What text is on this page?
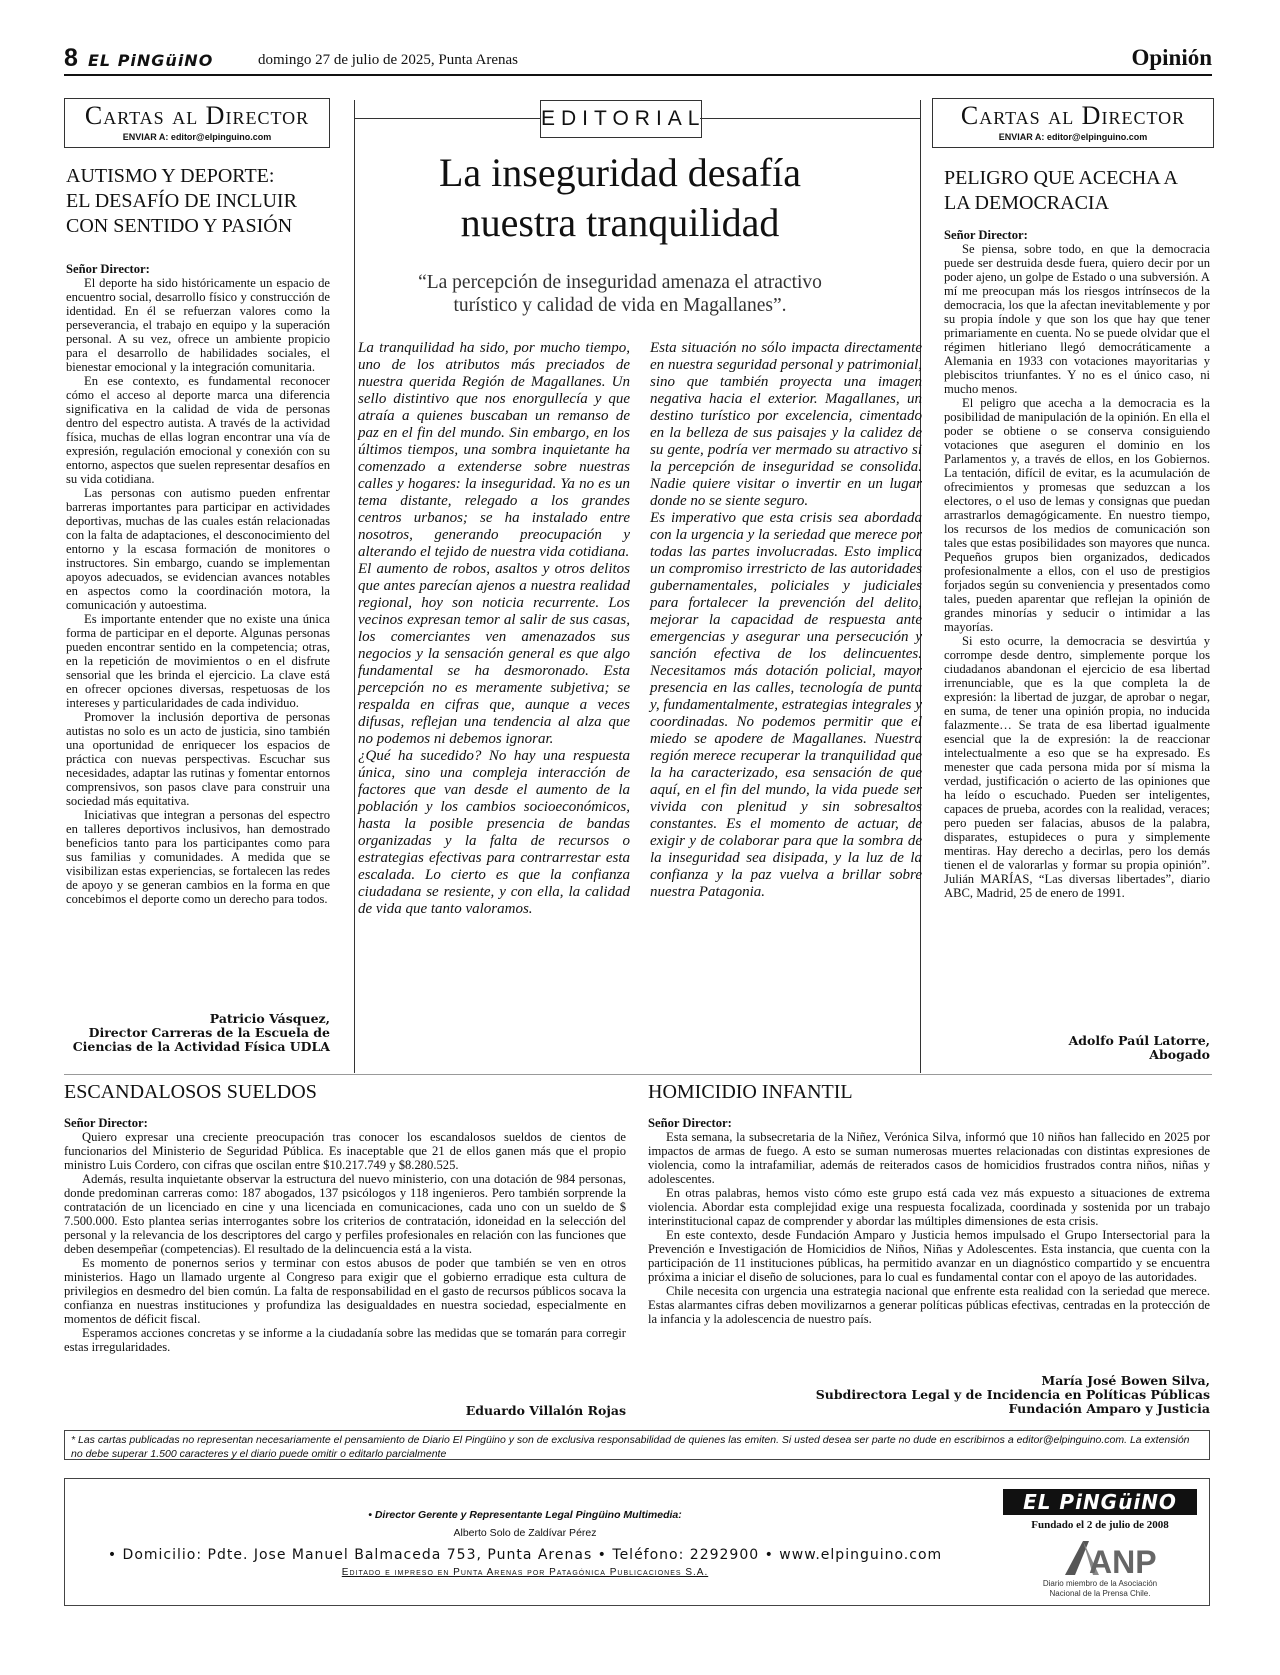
8 EL PiNGüiNO	domingo 27 de julio de 2025, Punta Arenas	Opinión
Cartas al Director
ENVIAR A: editor@elpinguino.com
AUTISMO Y DEPORTE:
EL DESAFÍO DE INCLUIR
CON SENTIDO Y PASIÓN

Señor Director:

El deporte ha sido históricamente un espacio de encuentro social, desarrollo físico y construcción de identidad. En él se refuerzan valores como la perseverancia, el trabajo en equipo y la superación personal. A su vez, ofrece un ambiente propicio para el desarrollo de habilidades sociales, el bienestar emocional y la integración comunitaria.

En ese contexto, es fundamental reconocer cómo el acceso al deporte marca una diferencia significativa en la calidad de vida de personas dentro del espectro autista. A través de la actividad física, muchas de ellas logran encontrar una vía de expresión, regulación emocional y conexión con su entorno, aspectos que suelen representar desafíos en su vida cotidiana.

Las personas con autismo pueden enfrentar barreras importantes para participar en actividades deportivas, muchas de las cuales están relacionadas con la falta de adaptaciones, el desconocimiento del entorno y la escasa formación de monitores o instructores. Sin embargo, cuando se implementan apoyos adecuados, se evidencian avances notables en aspectos como la coordinación motora, la comunicación y autoestima.

Es importante entender que no existe una única forma de participar en el deporte. Algunas personas pueden encontrar sentido en la competencia; otras, en la repetición de movimientos o en el disfrute sensorial que les brinda el ejercicio. La clave está en ofrecer opciones diversas, respetuosas de los intereses y particularidades de cada individuo.

Promover la inclusión deportiva de personas autistas no solo es un acto de justicia, sino también una oportunidad de enriquecer los espacios de práctica con nuevas perspectivas. Escuchar sus necesidades, adaptar las rutinas y fomentar entornos comprensivos, son pasos clave para construir una sociedad más equitativa.

Iniciativas que integran a personas del espectro en talleres deportivos inclusivos, han demostrado beneficios tanto para los participantes como para sus familias y comunidades. A medida que se visibilizan estas experiencias, se fortalecen las redes de apoyo y se generan cambios en la forma en que concebimos el deporte como un derecho para todos.

Patricio Vásquez,
Director Carreras de la Escuela de
Ciencias de la Actividad Física UDLA
EDITORIAL
La inseguridad desafía
nuestra tranquilidad
“La percepción de inseguridad amenaza el atractivo
turístico y calidad de vida en Magallanes”.

La tranquilidad ha sido, por mucho tiempo, uno de los atributos más preciados de nuestra querida Región de Magallanes. Un sello distintivo que nos enorgullecía y que atraía a quienes buscaban un remanso de paz en el fin del mundo. Sin embargo, en los últimos tiempos, una sombra inquietante ha comenzado a extenderse sobre nuestras calles y hogares: la inseguridad. Ya no es un tema distante, relegado a los grandes centros urbanos; se ha instalado entre nosotros, generando preocupación y alterando el tejido de nuestra vida cotidiana.

El aumento de robos, asaltos y otros delitos que antes parecían ajenos a nuestra realidad regional, hoy son noticia recurrente. Los vecinos expresan temor al salir de sus casas, los comerciantes ven amenazados sus negocios y la sensación general es que algo fundamental se ha desmoronado. Esta percepción no es meramente subjetiva; se respalda en cifras que, aunque a veces difusas, reflejan una tendencia al alza que no podemos ni debemos ignorar.

¿Qué ha sucedido? No hay una respuesta única, sino una compleja interacción de factores que van desde el aumento de la población y los cambios socioeconómicos, hasta la posible presencia de bandas organizadas y la falta de recursos o estrategias efectivas para contrarrestar esta escalada. Lo cierto es que la confianza ciudadana se resiente, y con ella, la calidad de vida que tanto valoramos.

Esta situación no sólo impacta directamente en nuestra seguridad personal y patrimonial, sino que también proyecta una imagen negativa hacia el exterior. Magallanes, un destino turístico por excelencia, cimentado en la belleza de sus paisajes y la calidez de su gente, podría ver mermado su atractivo si la percepción de inseguridad se consolida. Nadie quiere visitar o invertir en un lugar donde no se siente seguro.

Es imperativo que esta crisis sea abordada con la urgencia y la seriedad que merece por todas las partes involucradas. Esto implica un compromiso irrestricto de las autoridades gubernamentales, policiales y judiciales para fortalecer la prevención del delito, mejorar la capacidad de respuesta ante emergencias y asegurar una persecución y sanción efectiva de los delincuentes. Necesitamos más dotación policial, mayor presencia en las calles, tecnología de punta y, fundamentalmente, estrategias integrales y coordinadas. No podemos permitir que el miedo se apodere de Magallanes. Nuestra región merece recuperar la tranquilidad que la ha caracterizado, esa sensación de que aquí, en el fin del mundo, la vida puede ser vivida con plenitud y sin sobresaltos constantes. Es el momento de actuar, de exigir y de colaborar para que la sombra de la inseguridad sea disipada, y la luz de la confianza y la paz vuelva a brillar sobre nuestra Patagonia.

Cartas al Director
ENVIAR A: editor@elpinguino.com
PELIGRO QUE ACECHA A
LA DEMOCRACIA

Señor Director:

Se piensa, sobre todo, en que la democracia puede ser destruida desde fuera, quiero decir por un poder ajeno, un golpe de Estado o una subversión. A mí me preocupan más los riesgos intrínsecos de la democracia, los que la afectan inevitablemente y por su propia índole y que son los que hay que tener primariamente en cuenta. No se puede olvidar que el régimen hitleriano llegó democráticamente a Alemania en 1933 con votaciones mayoritarias y plebiscitos triunfantes. Y no es el único caso, ni mucho menos.

El peligro que acecha a la democracia es la posibilidad de manipulación de la opinión. En ella el poder se obtiene o se conserva consiguiendo votaciones que aseguren el dominio en los Parlamentos y, a través de ellos, en los Gobiernos. La tentación, difícil de evitar, es la acumulación de ofrecimientos y promesas que seduzcan a los electores, o el uso de lemas y consignas que puedan arrastrarlos demagógicamente. En nuestro tiempo, los recursos de los medios de comunicación son tales que estas posibilidades son mayores que nunca. Pequeños grupos bien organizados, dedicados profesionalmente a ellos, con el uso de prestigios forjados según su conveniencia y presentados como tales, pueden aparentar que reflejan la opinión de grandes minorías y seducir o intimidar a las mayorías.

Si esto ocurre, la democracia se desvirtúa y corrompe desde dentro, simplemente porque los ciudadanos abandonan el ejercicio de esa libertad irrenunciable, que es la que completa la de expresión: la libertad de juzgar, de aprobar o negar, en suma, de tener una opinión propia, no inducida falazmente… Se trata de esa libertad igualmente esencial que la de expresión: la de reaccionar intelectualmente a eso que se ha expresado. Es menester que cada persona mida por sí misma la verdad, justificación o acierto de las opiniones que ha leído o escuchado. Pueden ser inteligentes, capaces de prueba, acordes con la realidad, veraces; pero pueden ser falacias, abusos de la palabra, disparates, estupideces o pura y simplemente mentiras. Hay derecho a decirlas, pero los demás tienen el de valorarlas y formar su propia opinión”. Julián MARÍAS, “Las diversas libertades”, diario ABC, Madrid, 25 de enero de 1991.

Adolfo Paúl Latorre,
Abogado
ESCANDALOSOS SUELDOS

Señor Director:

Quiero expresar una creciente preocupación tras conocer los escandalosos sueldos de cientos de funcionarios del Ministerio de Seguridad Pública. Es inaceptable que 21 de ellos ganen más que el propio ministro Luis Cordero, con cifras que oscilan entre $10.217.749 y $8.280.525.

Además, resulta inquietante observar la estructura del nuevo ministerio, con una dotación de 984 personas, donde predominan carreras como: 187 abogados, 137 psicólogos y 118 ingenieros. Pero también sorprende la contratación de un licenciado en cine y una licenciada en comunicaciones, cada uno con un sueldo de $ 7.500.000. Esto plantea serias interrogantes sobre los criterios de contratación, idoneidad en la selección del personal y la relevancia de los descriptores del cargo y perfiles profesionales en relación con las funciones que deben desempeñar (competencias). El resultado de la delincuencia está a la vista.

Es momento de ponernos serios y terminar con estos abusos de poder que también se ven en otros ministerios. Hago un llamado urgente al Congreso para exigir que el gobierno erradique esta cultura de privilegios en desmedro del bien común. La falta de responsabilidad en el gasto de recursos públicos socava la confianza en nuestras instituciones y profundiza las desigualdades en nuestra sociedad, especialmente en momentos de déficit fiscal.

Esperamos acciones concretas y se informe a la ciudadanía sobre las medidas que se tomarán para corregir estas irregularidades.

Eduardo Villalón Rojas
HOMICIDIO INFANTIL

Señor Director:

Esta semana, la subsecretaria de la Niñez, Verónica Silva, informó que 10 niños han fallecido en 2025 por impactos de armas de fuego. A esto se suman numerosas muertes relacionadas con distintas expresiones de violencia, como la intrafamiliar, además de reiterados casos de homicidios frustrados contra niños, niñas y adolescentes.

En otras palabras, hemos visto cómo este grupo está cada vez más expuesto a situaciones de extrema violencia. Abordar esta complejidad exige una respuesta focalizada, coordinada y sostenida por un trabajo interinstitucional capaz de comprender y abordar las múltiples dimensiones de esta crisis.

En este contexto, desde Fundación Amparo y Justicia hemos impulsado el Grupo Intersectorial para la Prevención e Investigación de Homicidios de Niños, Niñas y Adolescentes. Esta instancia, que cuenta con la participación de 11 instituciones públicas, ha permitido avanzar en un diagnóstico compartido y se encuentra próxima a iniciar el diseño de soluciones, para lo cual es fundamental contar con el apoyo de las autoridades.

Chile necesita con urgencia una estrategia nacional que enfrente esta realidad con la seriedad que merece. Estas alarmantes cifras deben movilizarnos a generar políticas públicas efectivas, centradas en la protección de la infancia y la adolescencia de nuestro país.

María José Bowen Silva,
Subdirectora Legal y de Incidencia en Políticas Públicas
Fundación Amparo y Justicia
* Las cartas publicadas no representan necesariamente el pensamiento de Diario El Pingüino y son de exclusiva responsabilidad de quienes las emiten. Si usted desea ser parte no dude en escribirnos a editor@elpinguino.com. La extensión no debe superar 1.500 caracteres y el diario puede omitir o editarlo parcialmente
• Director Gerente y Representante Legal Pingüino Multimedia:
Alberto Solo de Zaldívar Pérez
• Domicilio: Pdte. Jose Manuel Balmaceda 753, Punta Arenas • Teléfono: 2292900 • www.elpinguino.com
Editado e impreso en Punta Arenas por Patagónica Publicaciones S.A.
EL PiNGüiNO
Fundado el 2 de julio de 2008
ANP
Diario miembro de la Asociación
Nacional de la Prensa Chile.
